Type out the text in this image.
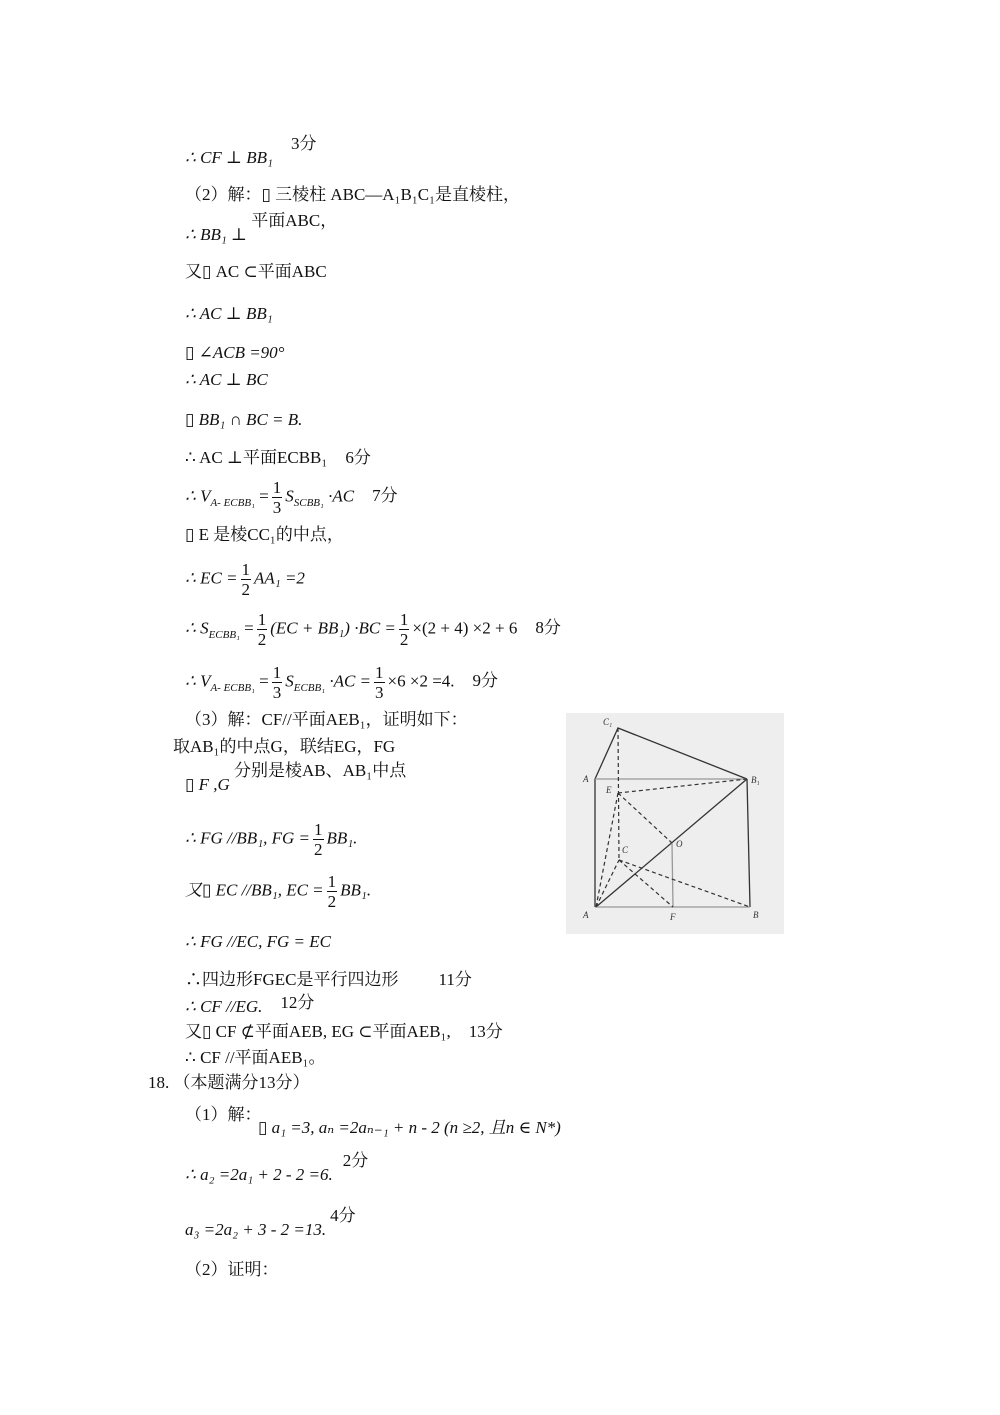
∴ CF ⊥ BB₁3分
（2）解：▯ 三棱柱 ABC—A₁B₁C₁是直棱柱，
∴ BB₁ ⊥ 平面ABC，
又▯ AC ⊂平面ABC
∴ AC ⊥ BB₁
▯ ∠ACB =90°
∴ AC ⊥ BC
▯ BB₁ ∩ BC = B.
∴ AC ⊥平面ECBB₁ 6分
∴ $V_{A- ECBB_1} = \frac{1}{3} S_{SCBB_1} \cdot AC$ 7分
▯ E 是棱CC₁的中点，
∴ EC = $\frac{1}{2} AA_1 =2$
∴ $S_{ECBB_1} = \frac{1}{2} (EC + BB_1) \cdot BC = \frac{1}{2} \times(2 + 4) \times 2 + 6$ 8分
∴ $V_{A- ECBB_1} = \frac{1}{3} S_{ECBB_1} \cdot AC = \frac{1}{3} \times 6 \times 2 =4$. 9分
（3）解：CF//平面AEB₁，证明如下：
取AB₁的中点G，联结EG，FG
▯ F ,G 分别是棱AB、AB₁中点
∴ FG //BB₁, FG = $\frac{1}{2} BB_1$.
又▯ EC //BB₁, EC = $\frac{1}{2} BB_1$.
∴ FG //EC, FG = EC
∴四边形FGEC是平行四边形 11分
∴ CF //EG. 12分
又▯ CF ⊄平面AEB, EG ⊂平面AEB₁, 13分
∴ CF //平面AEB₁。
18. （本题满分13分）
（1）解：
▯ a₁ =3, aₙ =2aₙ₋₁ + n - 2 (n ≥2, 且n ∈ N*)
∴ a₂ =2a₁ + 2 - 2 =6.2分
a₃ =2a₂ + 3 - 2 =13.4分
（2）证明：
C₁
A	B₁
E
O
C
A	F	B
